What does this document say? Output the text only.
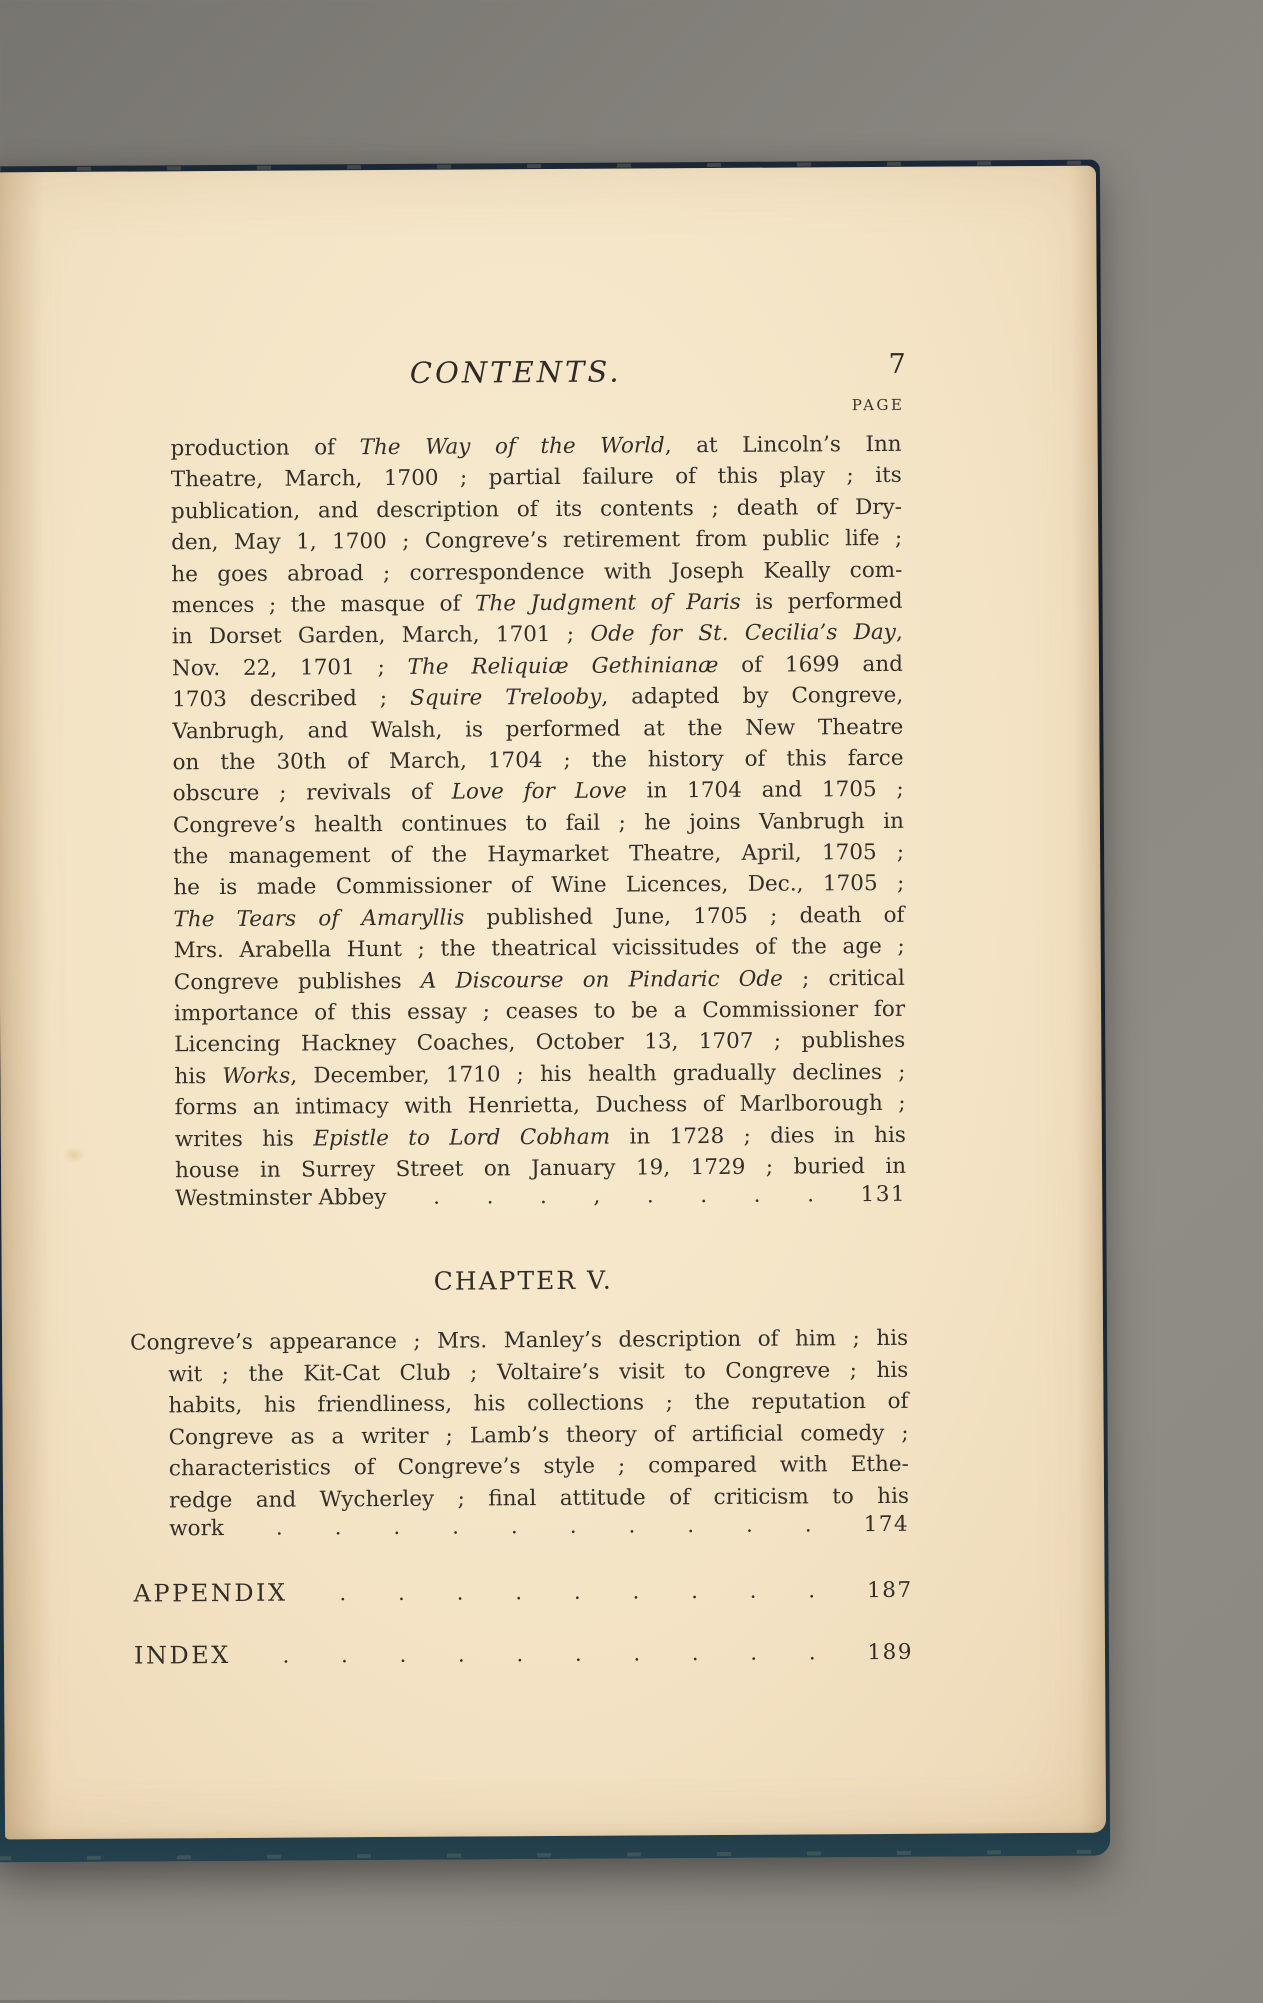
CONTENTS.	7
PAGE
production of The Way of the World, at Lincoln’s Inn
Theatre, March, 1700 ; partial failure of this play ; its
publication, and description of its contents ; death of Dry-
den, May 1, 1700 ; Congreve’s retirement from public life ;
he goes abroad ; correspondence with Joseph Keally com-
mences ; the masque of The Judgment of Paris is performed
in Dorset Garden, March, 1701 ; Ode for St. Cecilia’s Day,
Nov. 22, 1701 ; The Reliquiæ Gethinianæ of 1699 and
1703 described ; Squire Trelooby, adapted by Congreve,
Vanbrugh, and Walsh, is performed at the New Theatre
on the 30th of March, 1704 ; the history of this farce
obscure ; revivals of Love for Love in 1704 and 1705 ;
Congreve’s health continues to fail ; he joins Vanbrugh in
the management of the Haymarket Theatre, April, 1705 ;
he is made Commissioner of Wine Licences, Dec., 1705 ;
The Tears of Amaryllis published June, 1705 ; death of
Mrs. Arabella Hunt ; the theatrical vicissitudes of the age ;
Congreve publishes A Discourse on Pindaric Ode ; critical
importance of this essay ; ceases to be a Commissioner for
Licencing Hackney Coaches, October 13, 1707 ; publishes
his Works, December, 1710 ; his health gradually declines ;
forms an intimacy with Henrietta, Duchess of Marlborough ;
writes his Epistle to Lord Cobham in 1728 ; dies in his
house in Surrey Street on January 19, 1729 ; buried in
Westminster Abbey . . . , . . . . 131
CHAPTER V.
Congreve’s appearance ; Mrs. Manley’s description of him ; his
wit ; the Kit-Cat Club ; Voltaire’s visit to Congreve ; his
habits, his friendliness, his collections ; the reputation of
Congreve as a writer ; Lamb’s theory of artificial comedy ;
characteristics of Congreve’s style ; compared with Ethe-
redge and Wycherley ; final attitude of criticism to his
work . . . . . . . . . . 174
APPENDIX . . . . . . . . . 187
INDEX . . . . . . . . . . 189
